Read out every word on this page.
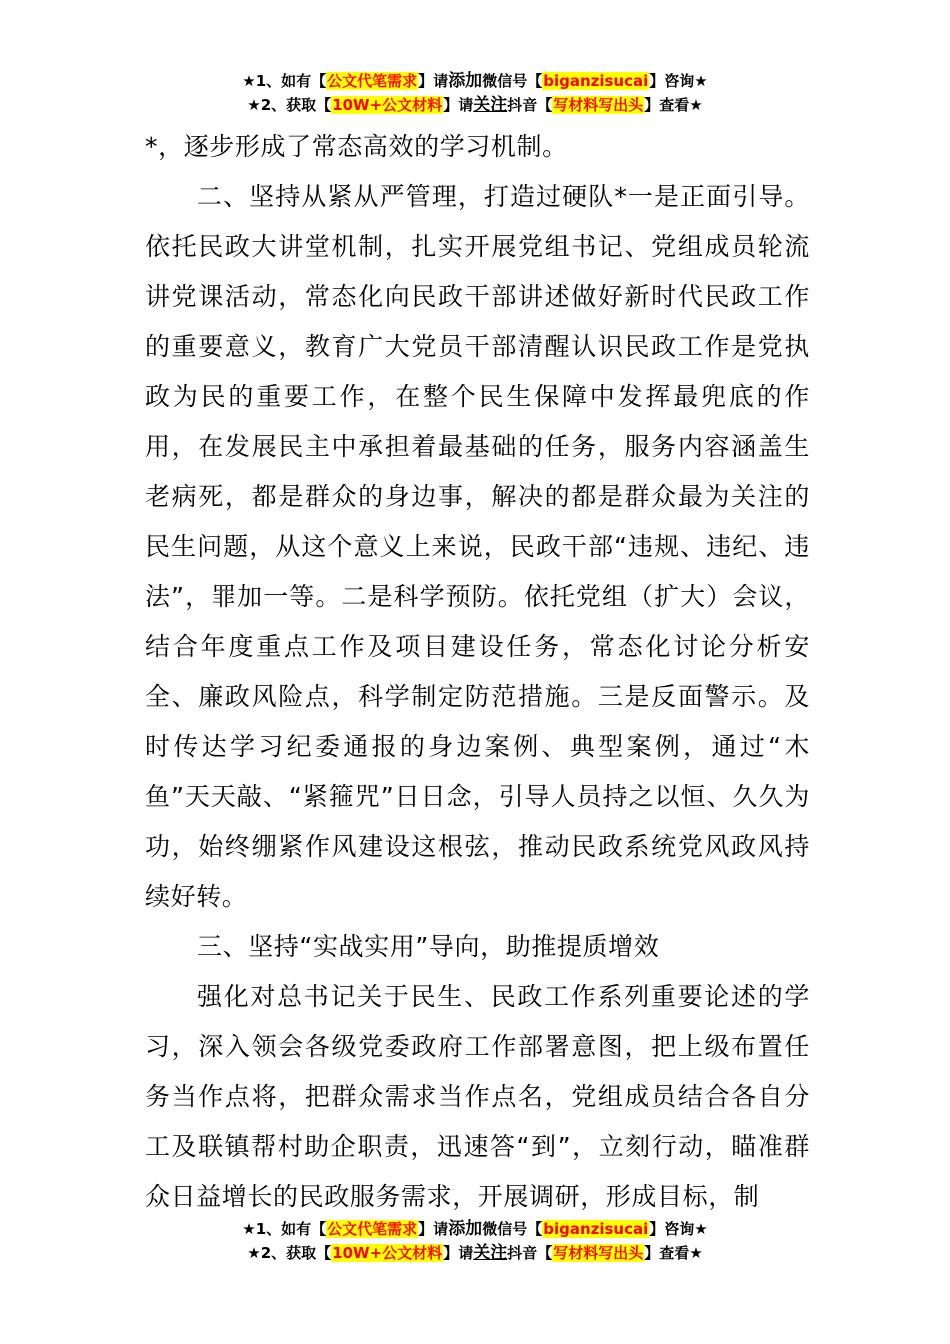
★1、如有【公文代笔需求】请添加微信号【biganzisucai】咨询★
★2、获取【10W+公文材料】请关注抖音【写材料写出头】查看★

*，逐步形成了常态高效的学习机制。

二、坚持从紧从严管理，打造过硬队*一是正面引导。依托民政大讲堂机制，扎实开展党组书记、党组成员轮流讲党课活动，常态化向民政干部讲述做好新时代民政工作的重要意义，教育广大党员干部清醒认识民政工作是党执政为民的重要工作，在整个民生保障中发挥最兜底的作用，在发展民主中承担着最基础的任务，服务内容涵盖生老病死，都是群众的身边事，解决的都是群众最为关注的民生问题，从这个意义上来说，民政干部“违规、违纪、违法”，罪加一等。二是科学预防。依托党组（扩大）会议，结合年度重点工作及项目建设任务，常态化讨论分析安全、廉政风险点，科学制定防范措施。三是反面警示。及时传达学习纪委通报的身边案例、典型案例，通过“木鱼”天天敲、“紧箍咒”日日念，引导人员持之以恒、久久为功，始终绷紧作风建设这根弦，推动民政系统党风政风持续好转。

三、坚持“实战实用”导向，助推提质增效

强化对总书记关于民生、民政工作系列重要论述的学习，深入领会各级党委政府工作部署意图，把上级布置任务当作点将，把群众需求当作点名，党组成员结合各自分工及联镇帮村助企职责，迅速答“到”，立刻行动，瞄准群众日益增长的民政服务需求，开展调研，形成目标，制

★1、如有【公文代笔需求】请添加微信号【biganzisucai】咨询★
★2、获取【10W+公文材料】请关注抖音【写材料写出头】查看★
